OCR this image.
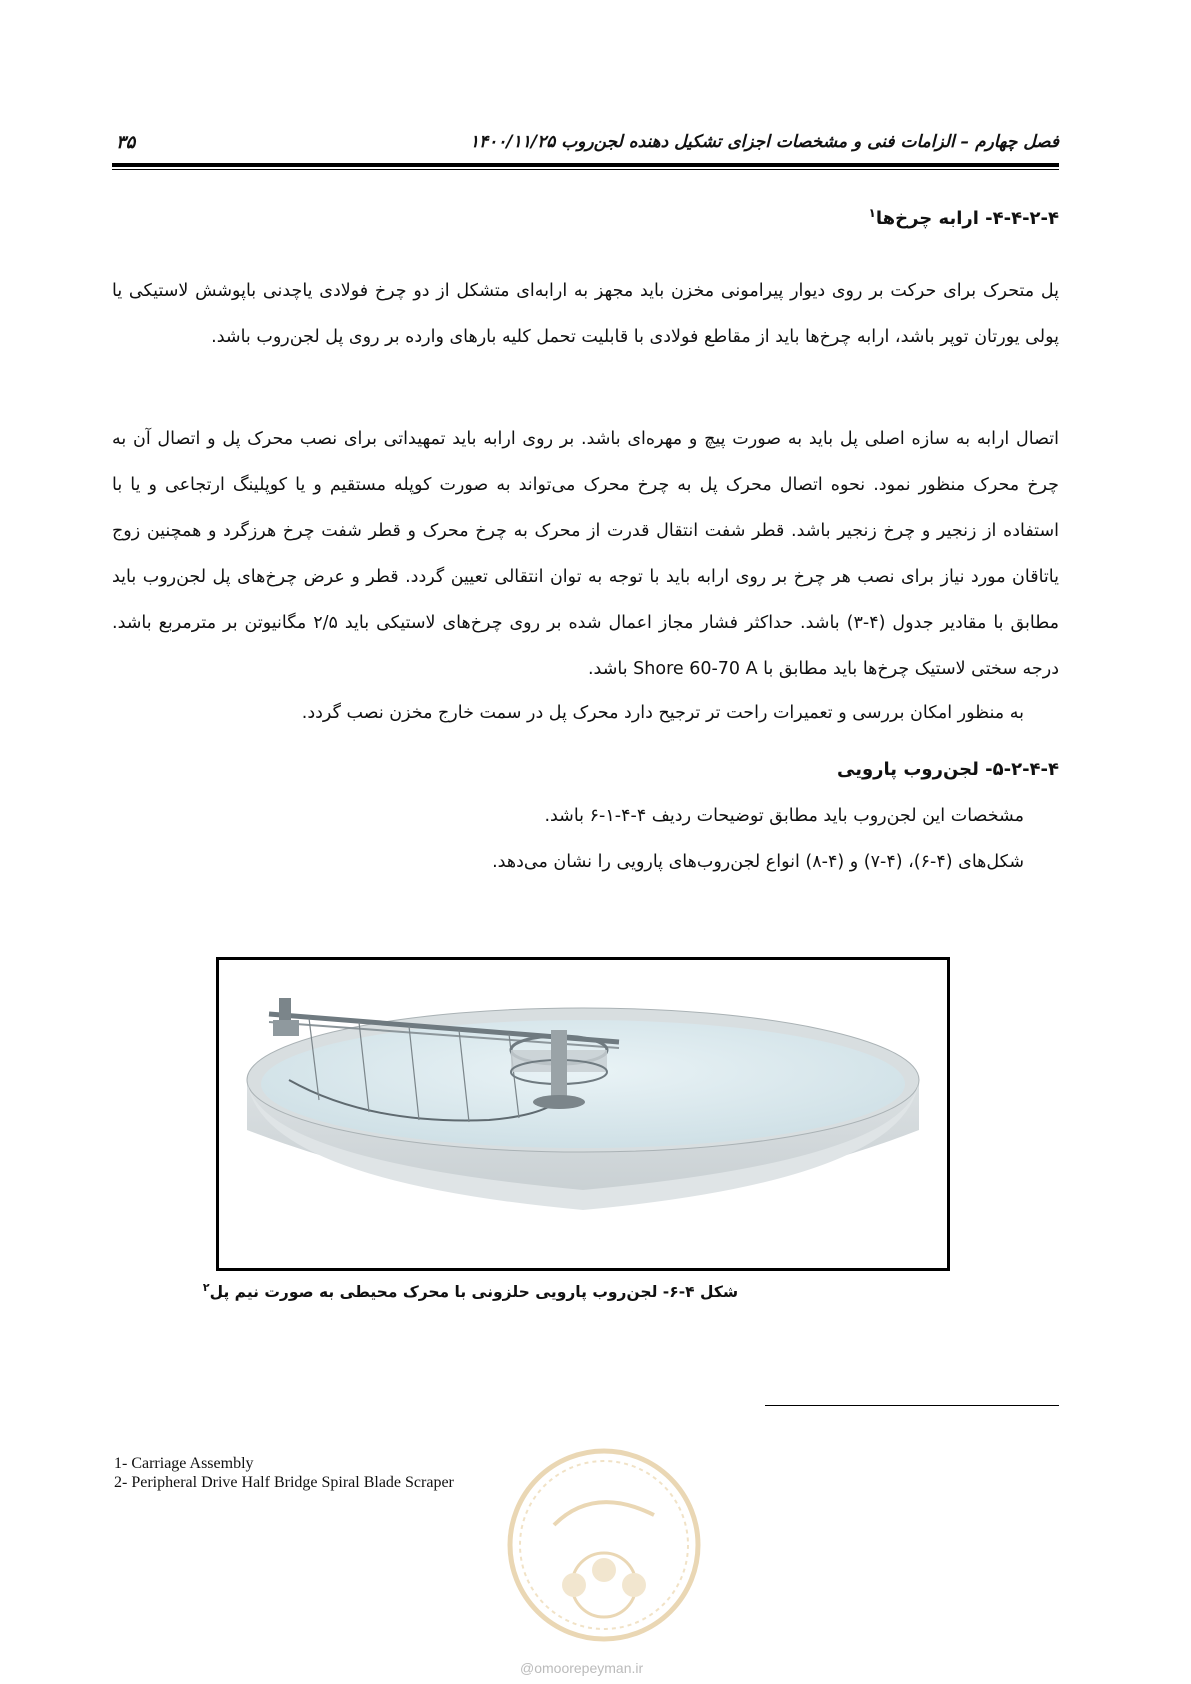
فصل چهارم – الزامات فنی و مشخصات اجزای تشکیل دهنده لجن‌روب ۱۴۰۰/۱۱/۲۵
۳۵
۴-۴-۲-۴- ارابه چرخ‌ها$^۱$
پل متحرک برای حرکت بر روی دیوار پیرامونی مخزن باید مجهز به ارابه‌ای متشکل از دو چرخ فولادی یاچدنی باپوشش لاستیکی یا پولی یورتان توپر باشد، ارابه چرخ‌ها باید از مقاطع فولادی با قابلیت تحمل کلیه بارهای وارده بر روی پل لجن‌روب باشد.
اتصال ارابه به سازه اصلی پل باید به صورت پیچ و مهره‌ای باشد. بر روی ارابه باید تمهیداتی برای نصب محرک پل و اتصال آن به چرخ محرک منظور نمود. نحوه اتصال محرک پل به چرخ محرک می‌تواند به صورت کوپله مستقیم و یا کوپلینگ ارتجاعی و یا با استفاده از زنجیر و چرخ زنجیر باشد. قطر شفت انتقال قدرت از محرک به چرخ محرک و قطر شفت چرخ هرزگرد و همچنین زوج یاتاقان مورد نیاز برای نصب هر چرخ بر روی ارابه باید با توجه به توان انتقالی تعیین گردد. قطر و عرض چرخ‌های پل لجن‌روب باید مطابق با مقادیر جدول (۴-۳) باشد. حداکثر فشار مجاز اعمال شده بر روی چرخ‌های لاستیکی باید ۲/۵ مگانیوتن بر مترمربع باشد. درجه سختی لاستیک چرخ‌ها باید مطابق با Shore 60-70 A باشد.
به منظور امکان بررسی و تعمیرات راحت تر ترجیح دارد محرک پل در سمت خارج مخزن نصب گردد.
۵-۲-۴-۴- لجن‌روب پارویی
مشخصات این لجن‌روب باید مطابق توضیحات ردیف ۴-۴-۱-۶ باشد.
شکل‌های (۴-۶)، (۴-۷) و (۴-۸) انواع لجن‌روب‌های پارویی را نشان می‌دهد.
شکل ۴-۶- لجن‌روب پارویی حلزونی با محرک محیطی به صورت نیم پل$^۲$
1- Carriage Assembly
2- Peripheral Drive Half Bridge Spiral Blade Scraper
@omoorepeyman.ir
